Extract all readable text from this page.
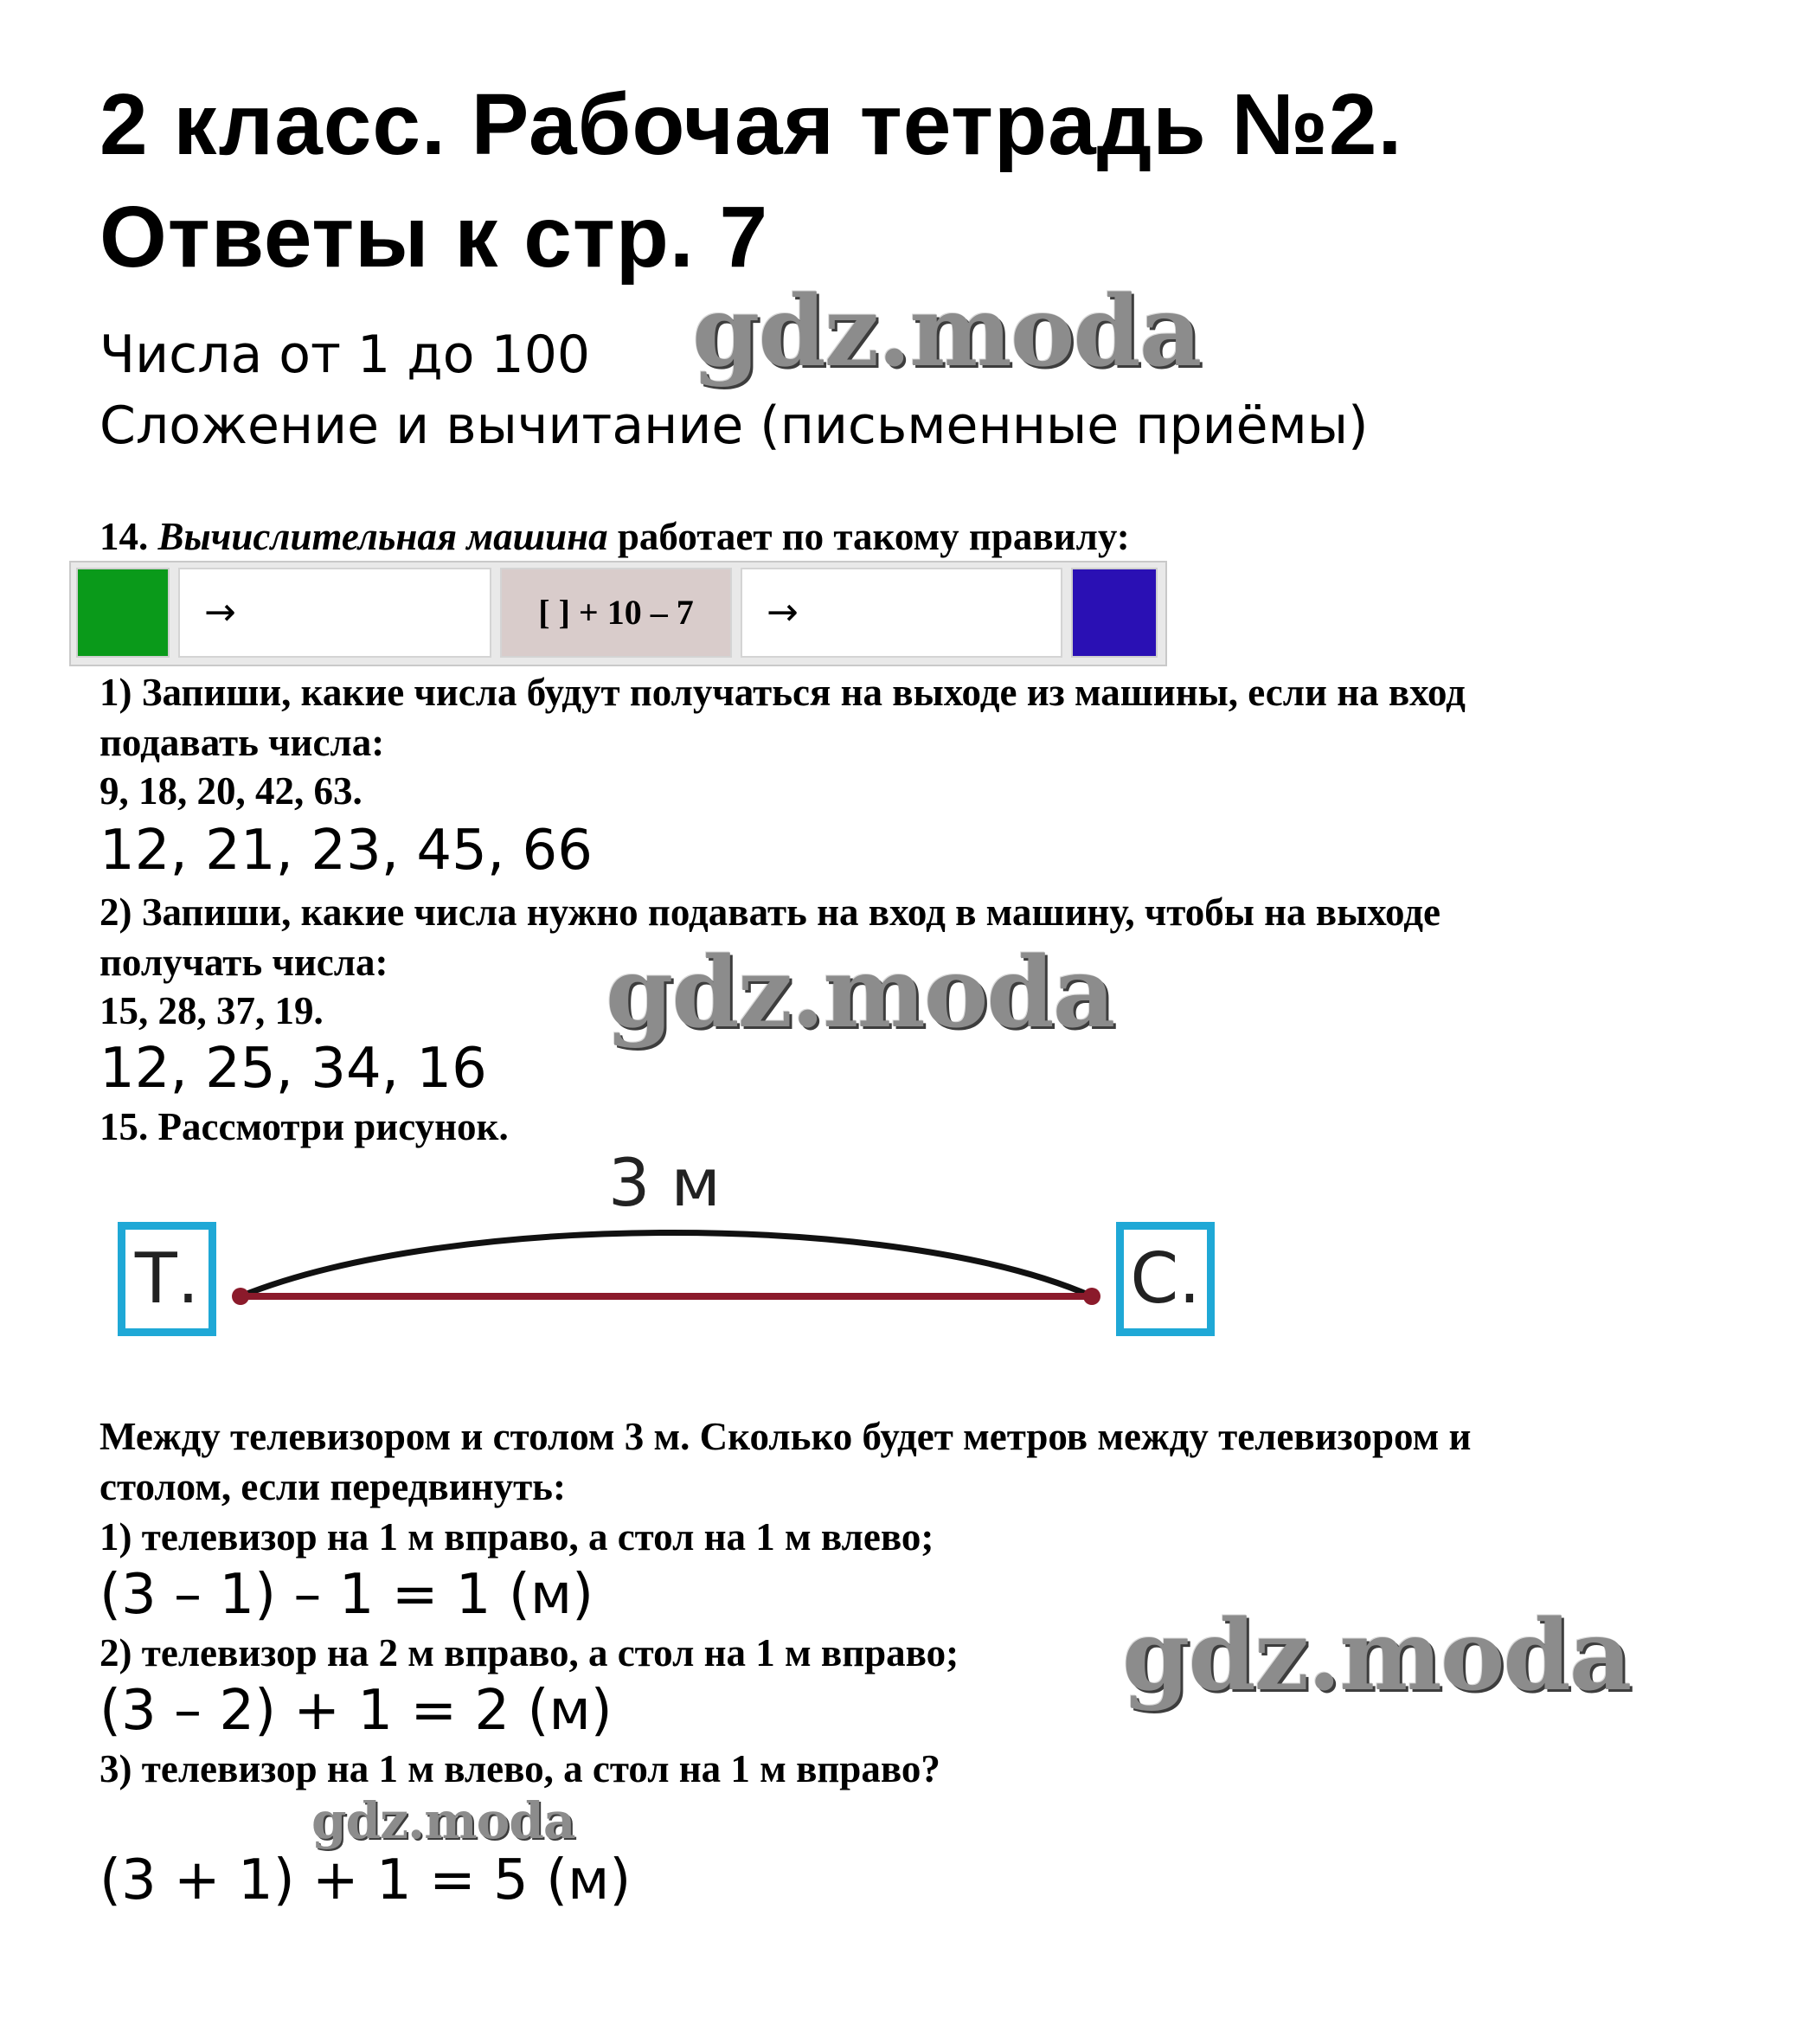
2 класс. Рабочая тетрадь №2.
Ответы к стр. 7
Числа от 1 до 100
Сложение и вычитание (письменные приёмы)
gdz.moda
gdz.moda
gdz.moda
gdz.moda
14. Вычислительная машина работает по такому правилу:
→	[ ] + 10 – 7	→
1) Запиши, какие числа будут получаться на выходе из машины, если на вход
подавать числа:
9, 18, 20, 42, 63.
12, 21, 23, 45, 66
2) Запиши, какие числа нужно подавать на вход в машину, чтобы на выходе
получать числа:
15, 28, 37, 19.
12, 25, 34, 16
15. Рассмотри рисунок.
3 м
Т.	С.
Между телевизором и столом 3 м. Сколько будет метров между телевизором и
столом, если передвинуть:
1) телевизор на 1 м вправо, а стол на 1 м влево;
(3 – 1) – 1 = 1 (м)
2) телевизор на 2 м вправо, а стол на 1 м вправо;
(3 – 2) + 1 = 2 (м)
3) телевизор на 1 м влево, а стол на 1 м вправо?
(3 + 1) + 1 = 5 (м)
